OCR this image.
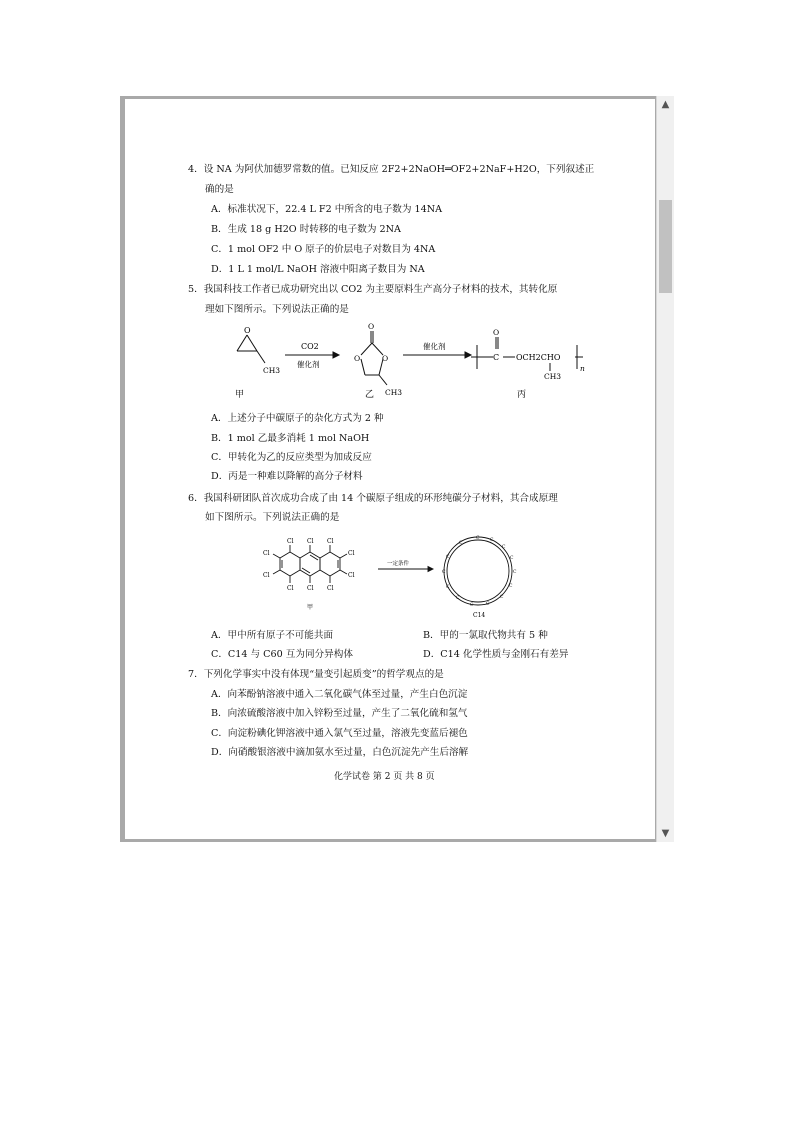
4．设 NA 为阿伏加德罗常数的值。已知反应 2F2+2NaOH═OF2+2NaF+H2O，下列叙述正
确的是
A．标准状况下，22.4 L F2 中所含的电子数为 14NA
B．生成 18 g H2O 时转移的电子数为 2NA
C．1 mol OF2 中 O 原子的价层电子对数目为 4NA
D．1 L 1 mol/L NaOH 溶液中阳离子数目为 NA
5．我国科技工作者已成功研究出以 CO2 为主要原料生产高分子材料的技术，其转化原
理如下图所示。下列说法正确的是
O
CH3
甲
CO2
催化剂
O
O	O
CH3
乙
催化剂
O
C OCH2CHO
CH3
n
丙
A．上述分子中碳原子的杂化方式为 2 种
B．1 mol 乙最多消耗 1 mol NaOH
C．甲转化为乙的反应类型为加成反应
D．丙是一种难以降解的高分子材料
6．我国科研团队首次成功合成了由 14 个碳原子组成的环形纯碳分子材料，其合成原理
如下图所示。下列说法正确的是
Cl Cl Cl
Cl Cl Cl
Cl
Cl
Cl
Cl
甲
一定条件
C C
C
C
C
C
C
C
C
C
C
C
C
C
C14
A．甲中所有原子不可能共面	B．甲的一氯取代物共有 5 种
C．C14 与 C60 互为同分异构体	D．C14 化学性质与金刚石有差异
7．下列化学事实中没有体现“量变引起质变”的哲学观点的是
A．向苯酚钠溶液中通入二氧化碳气体至过量，产生白色沉淀
B．向浓硫酸溶液中加入锌粉至过量，产生了二氧化硫和氢气
C．向淀粉碘化钾溶液中通入氯气至过量，溶液先变蓝后褪色
D．向硝酸银溶液中滴加氨水至过量，白色沉淀先产生后溶解
化学试卷 第 2 页 共 8 页
▲
▼
